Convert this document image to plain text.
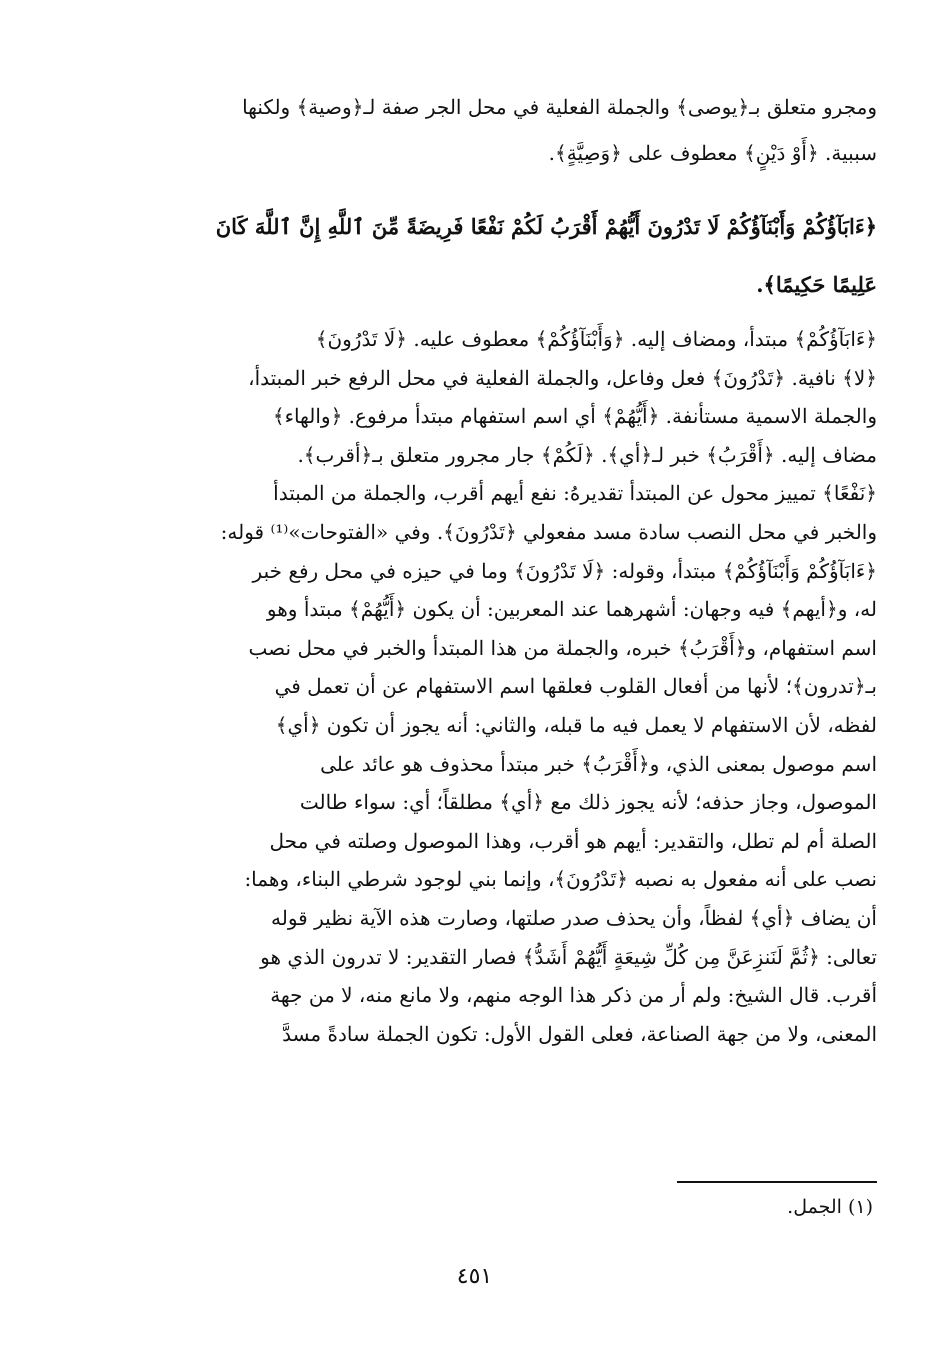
ومجرو متعلق بـ﴿يوصى﴾ والجملة الفعلية في محل الجر صفة لـ﴿وصية﴾ ولكنها
سببية. ﴿أَوْ دَيْنٍ﴾ معطوف على ﴿وَصِيَّةٍ﴾.
﴿ءَابَآؤُكُمْ وَأَبْنَآؤُكُمْ لَا تَدْرُونَ أَيُّهُمْ أَقْرَبُ لَكُمْ نَفْعًا فَرِيضَةً مِّنَ ٱللَّهِ إِنَّ ٱللَّهَ كَانَ
عَلِيمًا حَكِيمًا﴾.
﴿ءَابَآؤُكُمْ﴾ مبتدأ، ومضاف إليه. ﴿وَأَبْنَآؤُكُمْ﴾ معطوف عليه. ﴿لَا تَدْرُونَ﴾
﴿لا﴾ نافية. ﴿تَدْرُونَ﴾ فعل وفاعل، والجملة الفعلية في محل الرفع خبر المبتدأ،
والجملة الاسمية مستأنفة. ﴿أَيُّهُمْ﴾ أي اسم استفهام مبتدأ مرفوع. ﴿والهاء﴾
مضاف إليه. ﴿أَقْرَبُ﴾ خبر لـ﴿أي﴾. ﴿لَكُمْ﴾ جار مجرور متعلق بـ﴿أقرب﴾.
﴿نَفْعًا﴾ تمييز محول عن المبتدأ تقديرهُ: نفع أيهم أقرب، والجملة من المبتدأ
والخبر في محل النصب سادة مسد مفعولي ﴿تَدْرُونَ﴾. وفي «الفتوحات»⁽¹⁾ قوله:
﴿ءَابَآؤُكُمْ وَأَبْنَآؤُكُمْ﴾ مبتدأ، وقوله: ﴿لَا تَدْرُونَ﴾ وما في حيزه في محل رفع خبر
له، و﴿أيهم﴾ فيه وجهان: أشهرهما عند المعربين: أن يكون ﴿أَيُّهُمْ﴾ مبتدأ وهو
اسم استفهام، و﴿أَقْرَبُ﴾ خبره، والجملة من هذا المبتدأ والخبر في محل نصب
بـ﴿تدرون﴾؛ لأنها من أفعال القلوب فعلقها اسم الاستفهام عن أن تعمل في
لفظه، لأن الاستفهام لا يعمل فيه ما قبله، والثاني: أنه يجوز أن تكون ﴿أي﴾
اسم موصول بمعنى الذي، و﴿أَقْرَبُ﴾ خبر مبتدأ محذوف هو عائد على
الموصول، وجاز حذفه؛ لأنه يجوز ذلك مع ﴿أي﴾ مطلقاً؛ أي: سواء طالت
الصلة أم لم تطل، والتقدير: أيهم هو أقرب، وهذا الموصول وصلته في محل
نصب على أنه مفعول به نصبه ﴿تَدْرُونَ﴾، وإنما بني لوجود شرطي البناء، وهما:
أن يضاف ﴿أي﴾ لفظاً، وأن يحذف صدر صلتها، وصارت هذه الآية نظير قوله
تعالى: ﴿ثُمَّ لَنَنزِعَنَّ مِن كُلِّ شِيعَةٍ أَيُّهُمْ أَشَدُّ﴾ فصار التقدير: لا تدرون الذي هو
أقرب. قال الشيخ: ولم أر من ذكر هذا الوجه منهم، ولا مانع منه، لا من جهة
المعنى، ولا من جهة الصناعة، فعلى القول الأول: تكون الجملة سادةً مسدَّ
(١) الجمل.
٤٥١
